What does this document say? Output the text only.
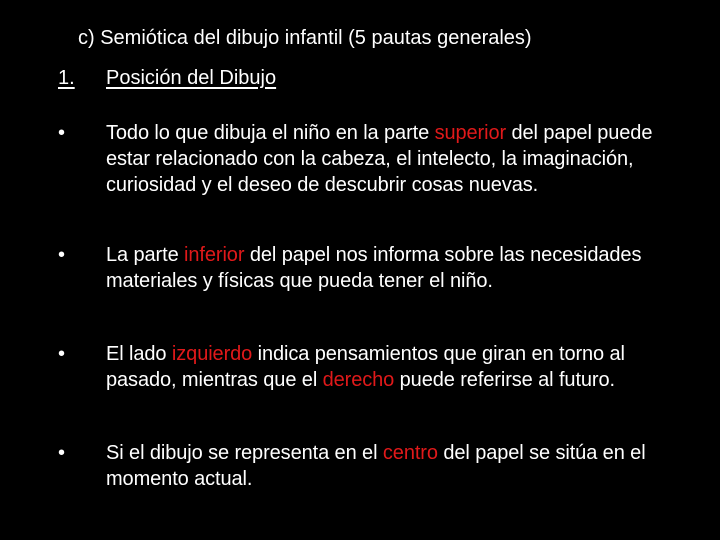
c) Semiótica del dibujo infantil (5 pautas generales)
1. Posición del Dibujo
• Todo lo que dibuja el niño en la parte superior del papel puede estar relacionado con la cabeza, el intelecto, la imaginación, curiosidad y el deseo de descubrir cosas nuevas.
• La parte inferior del papel nos informa sobre las necesidades materiales y físicas que pueda tener el niño.
• El lado izquierdo indica pensamientos que giran en torno al pasado, mientras que el derecho puede referirse al futuro.
• Si el dibujo se representa en el centro del papel se sitúa en el momento actual.
